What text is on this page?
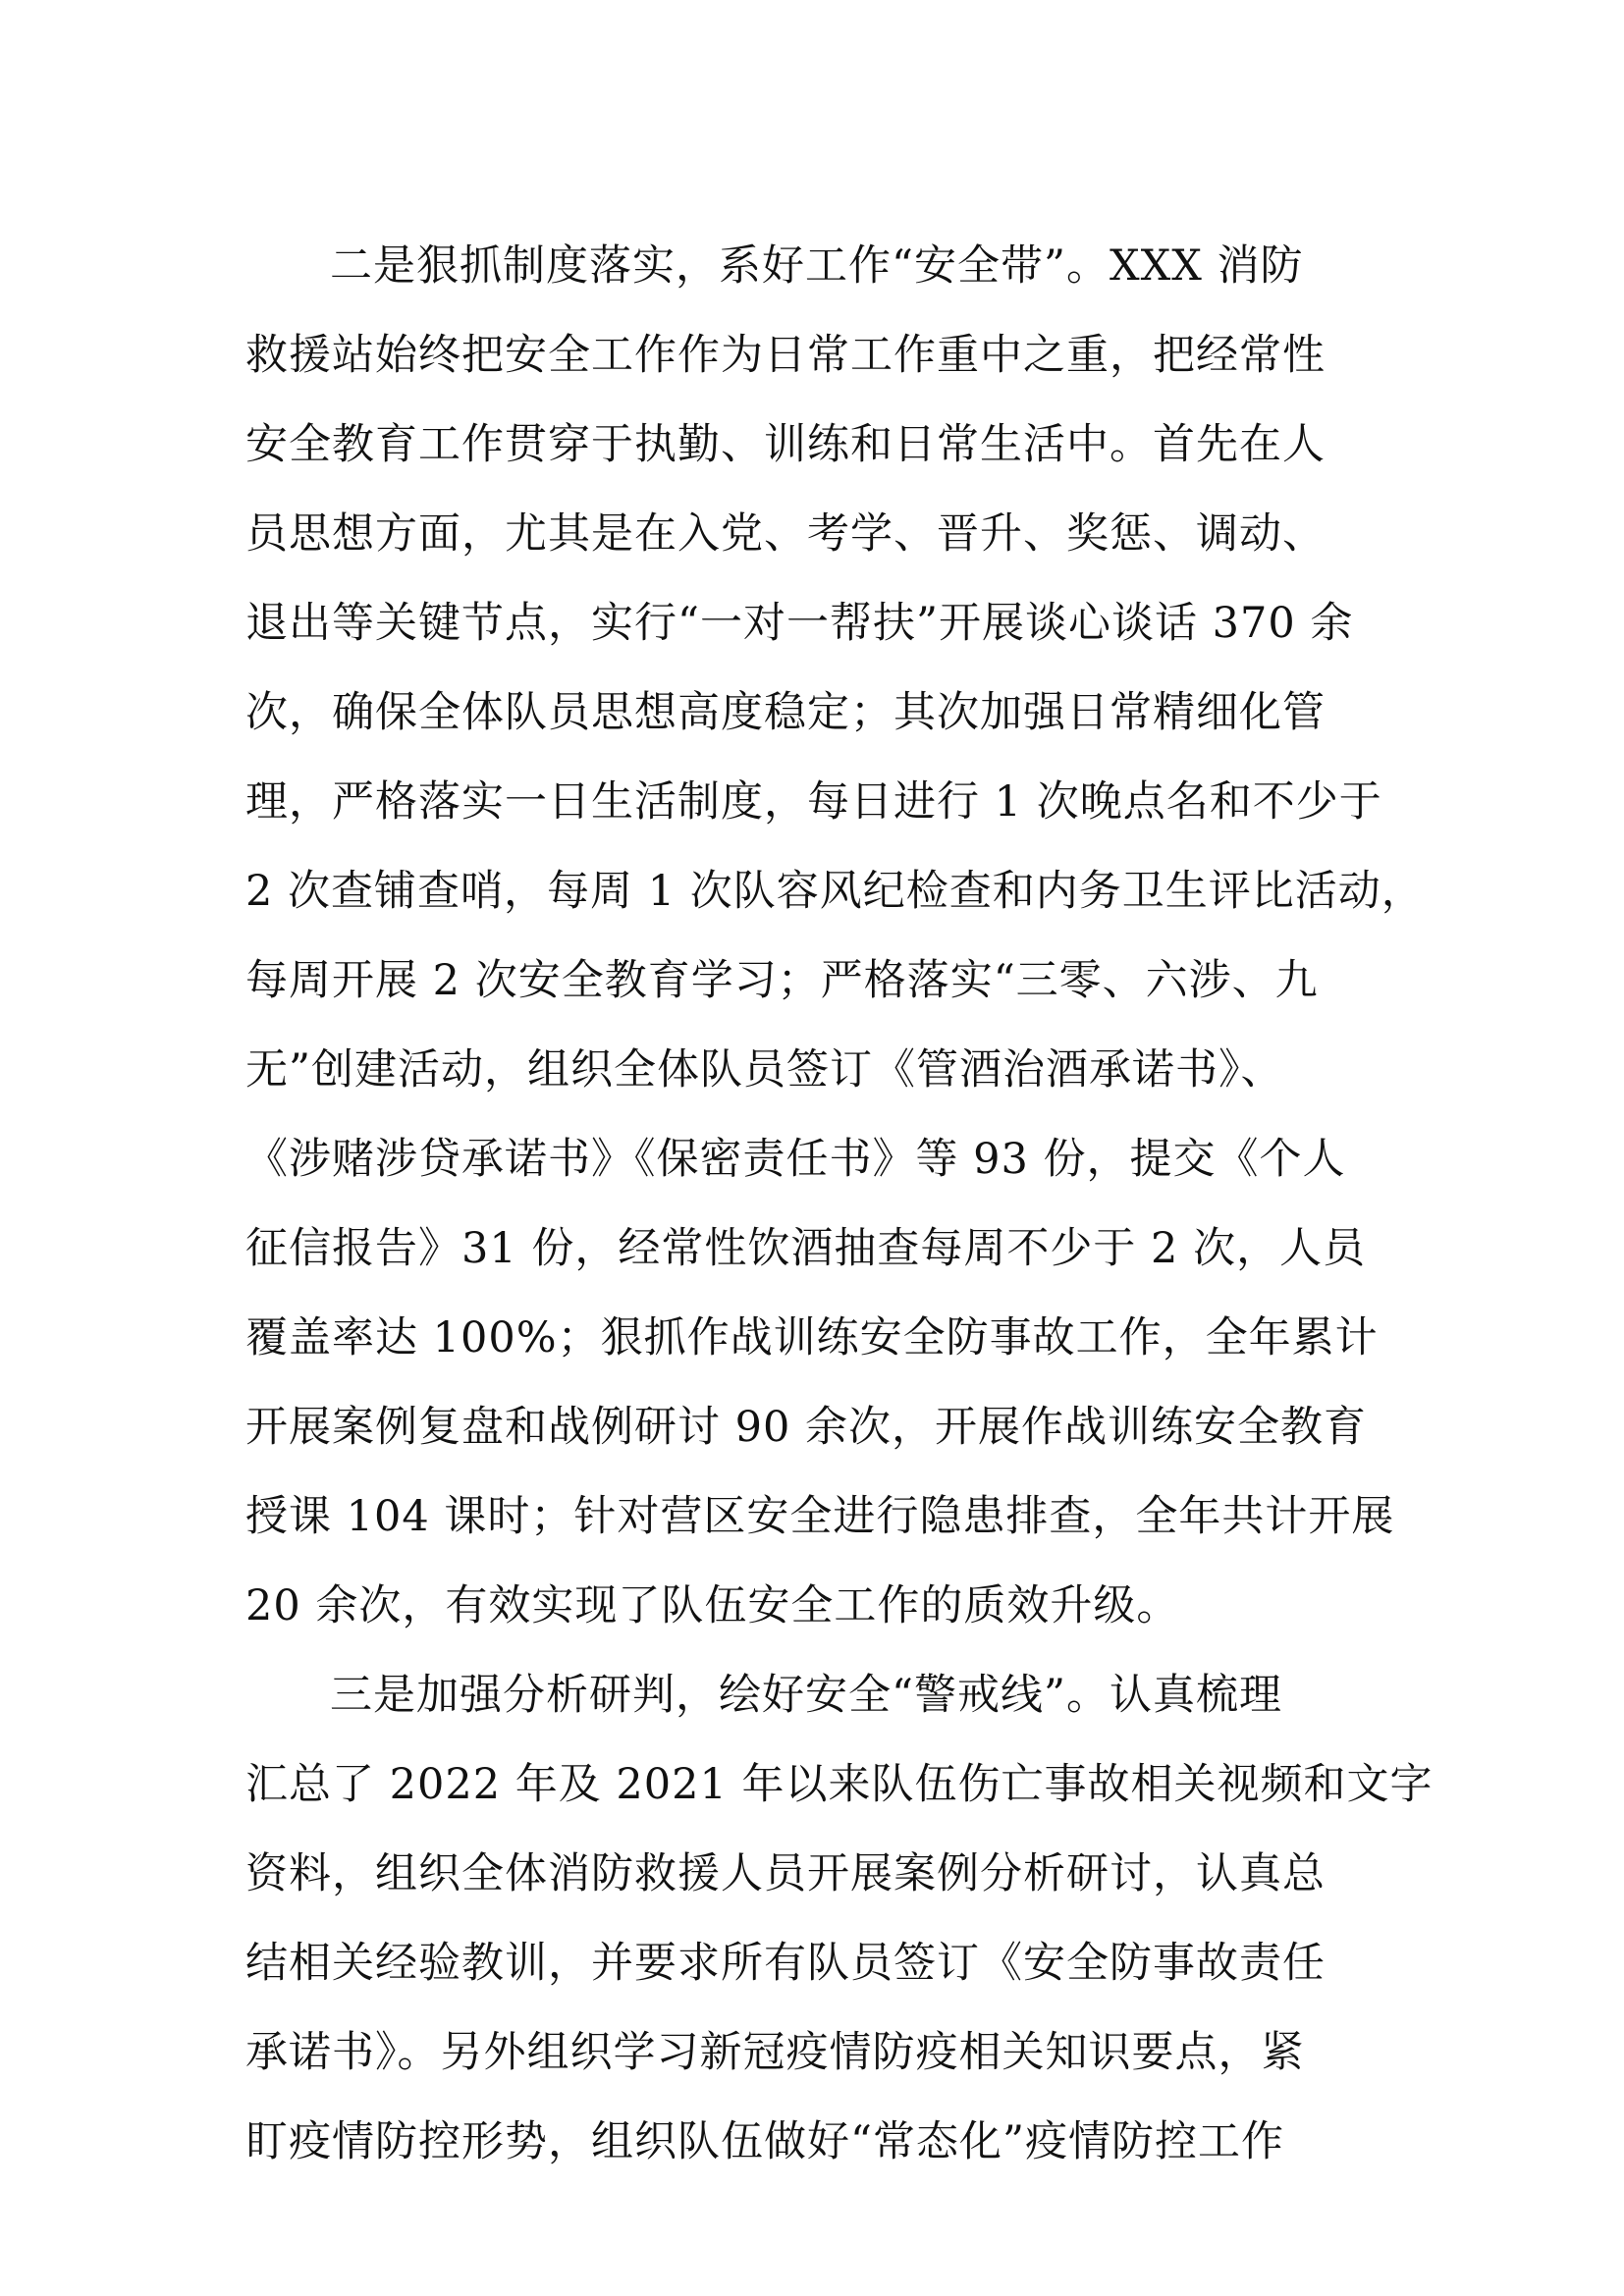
二是狠抓制度落实，系好工作“安全带”。XXX 消防
救援站始终把安全工作作为日常工作重中之重，把经常性
安全教育工作贯穿于执勤、训练和日常生活中。首先在人
员思想方面，尤其是在入党、考学、晋升、奖惩、调动、
退出等关键节点，实行“一对一帮扶”开展谈心谈话 370 余
次，确保全体队员思想高度稳定；其次加强日常精细化管
理，严格落实一日生活制度，每日进行 1 次晚点名和不少于
2 次查铺查哨，每周 1 次队容风纪检查和内务卫生评比活动，
每周开展 2 次安全教育学习；严格落实“三零、六涉、九
无”创建活动，组织全体队员签订《管酒治酒承诺书》、
《涉赌涉贷承诺书》《保密责任书》等 93 份，提交《个人
征信报告》31 份，经常性饮酒抽查每周不少于 2 次，人员
覆盖率达 100%；狠抓作战训练安全防事故工作，全年累计
开展案例复盘和战例研讨 90 余次，开展作战训练安全教育
授课 104 课时；针对营区安全进行隐患排查，全年共计开展
20 余次，有效实现了队伍安全工作的质效升级。
三是加强分析研判，绘好安全“警戒线”。认真梳理
汇总了 2022 年及 2021 年以来队伍伤亡事故相关视频和文字
资料，组织全体消防救援人员开展案例分析研讨，认真总
结相关经验教训，并要求所有队员签订《安全防事故责任
承诺书》。另外组织学习新冠疫情防疫相关知识要点，紧
盯疫情防控形势，组织队伍做好“常态化”疫情防控工作
